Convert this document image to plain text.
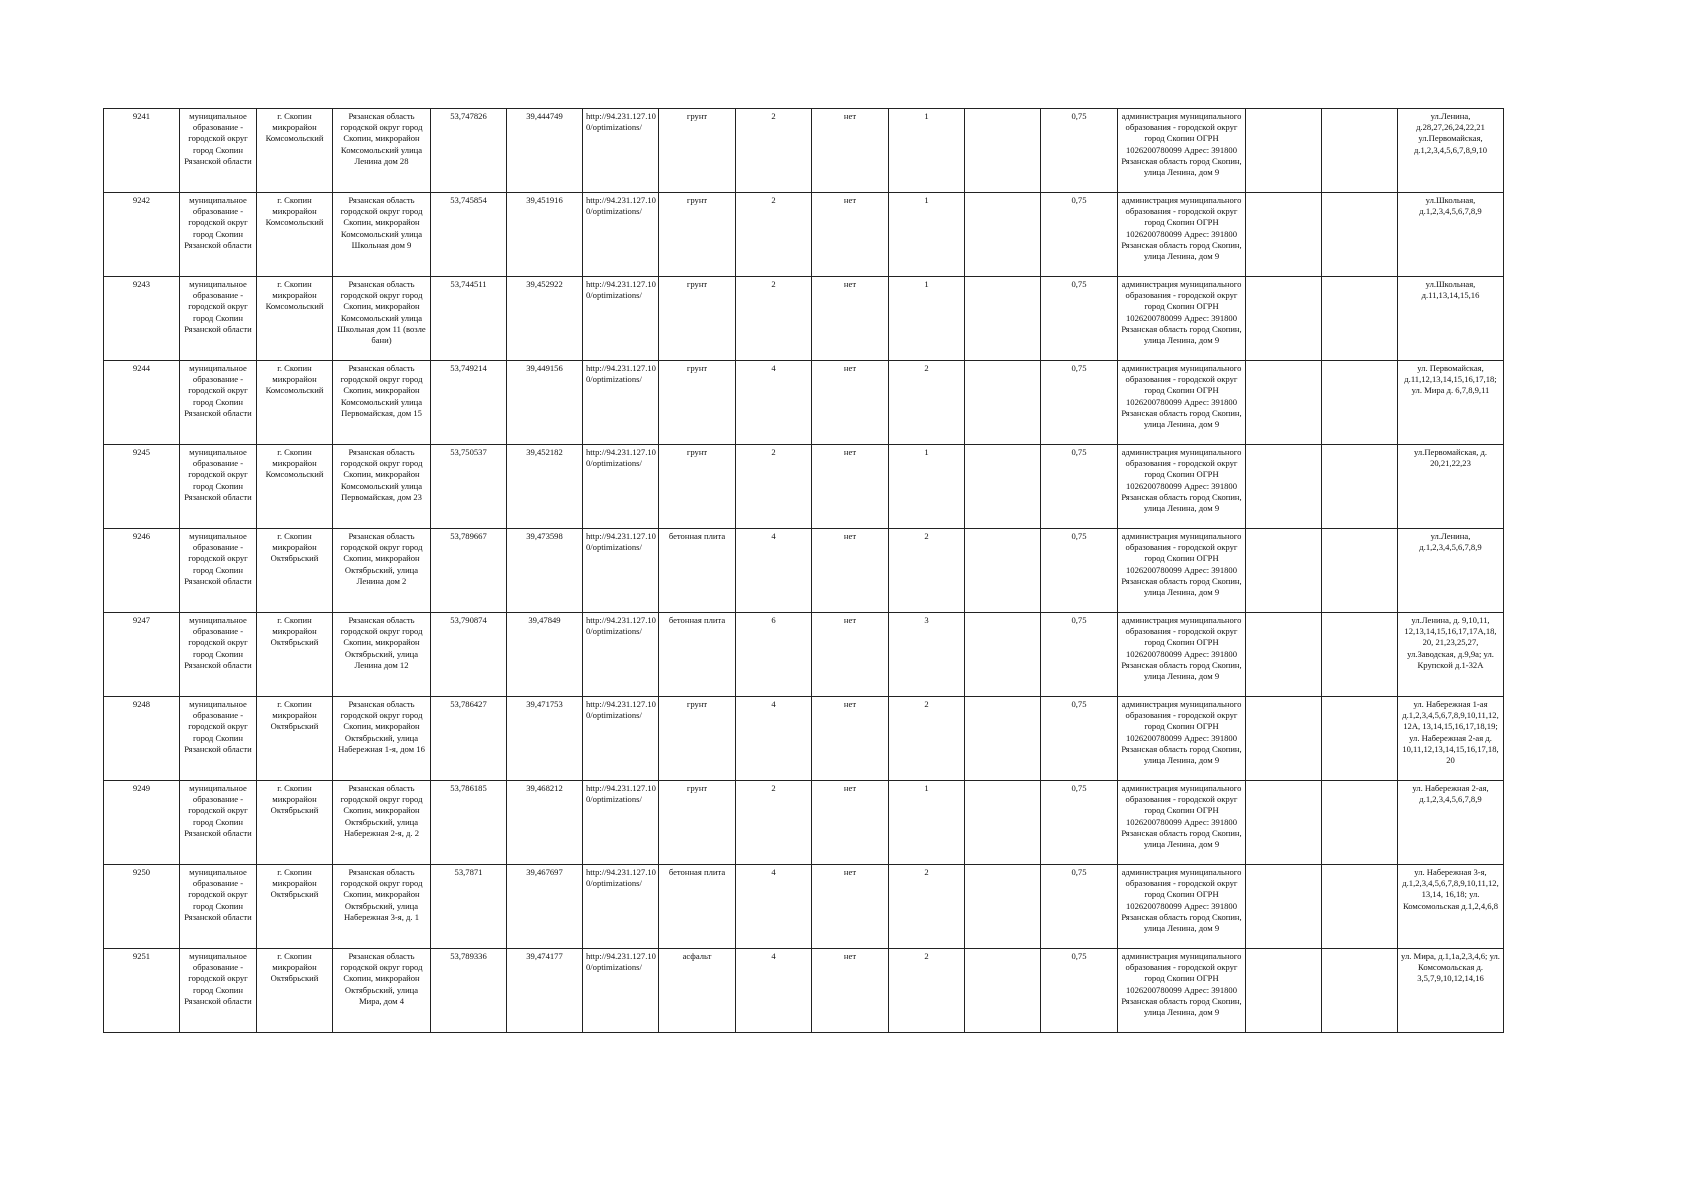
9241	муниципальное образование - городской округ город Скопин Рязанской области	г. Скопин микрорайон Комсомольский	Рязанская область городской округ город Скопин, микрорайон Комсомольский улица Ленина дом 28	53,747826	39,444749	http://94.231.127.100/optimizations/	грунт	2	нет	1		0,75	администрация муниципального образования - городской округ город Скопин ОГРН 1026200780099 Адрес: 391800 Рязанская область город Скопин, улица Ленина, дом 9			ул.Ленина, д.28,27,26,24,22,21 ул.Первомайская, д.1,2,3,4,5,6,7,8,9,10
9242	муниципальное образование - городской округ город Скопин Рязанской области	г. Скопин микрорайон Комсомольский	Рязанская область городской округ город Скопин, микрорайон Комсомольский улица Школьная дом 9	53,745854	39,451916	http://94.231.127.100/optimizations/	грунт	2	нет	1		0,75	администрация муниципального образования - городской округ город Скопин ОГРН 1026200780099 Адрес: 391800 Рязанская область город Скопин, улица Ленина, дом 9			ул.Школьная, д.1,2,3,4,5,6,7,8,9
9243	муниципальное образование - городской округ город Скопин Рязанской области	г. Скопин микрорайон Комсомольский	Рязанская область городской округ город Скопин, микрорайон Комсомольский улица Школьная дом 11 (возле бани)	53,744511	39,452922	http://94.231.127.100/optimizations/	грунт	2	нет	1		0,75	администрация муниципального образования - городской округ город Скопин ОГРН 1026200780099 Адрес: 391800 Рязанская область город Скопин, улица Ленина, дом 9			ул.Школьная, д.11,13,14,15,16
9244	муниципальное образование - городской округ город Скопин Рязанской области	г. Скопин микрорайон Комсомольский	Рязанская область городской округ город Скопин, микрорайон Комсомольский улица Первомайская, дом 15	53,749214	39,449156	http://94.231.127.100/optimizations/	грунт	4	нет	2		0,75	администрация муниципального образования - городской округ город Скопин ОГРН 1026200780099 Адрес: 391800 Рязанская область город Скопин, улица Ленина, дом 9			ул. Первомайская, д.11,12,13,14,15,16,17,18; ул. Мира д. 6,7,8,9,11
9245	муниципальное образование - городской округ город Скопин Рязанской области	г. Скопин микрорайон Комсомольский	Рязанская область городской округ город Скопин, микрорайон Комсомольский улица Первомайская, дом 23	53,750537	39,452182	http://94.231.127.100/optimizations/	грунт	2	нет	1		0,75	администрация муниципального образования - городской округ город Скопин ОГРН 1026200780099 Адрес: 391800 Рязанская область город Скопин, улица Ленина, дом 9			ул.Первомайская, д. 20,21,22,23
9246	муниципальное образование - городской округ город Скопин Рязанской области	г. Скопин микрорайон Октябрьский	Рязанская область городской округ город Скопин, микрорайон Октябрьский, улица Ленина дом 2	53,789667	39,473598	http://94.231.127.100/optimizations/	бетонная плита	4	нет	2		0,75	администрация муниципального образования - городской округ город Скопин ОГРН 1026200780099 Адрес: 391800 Рязанская область город Скопин, улица Ленина, дом 9			ул.Ленина, д.1,2,3,4,5,6,7,8,9
9247	муниципальное образование - городской округ город Скопин Рязанской области	г. Скопин микрорайон Октябрьский	Рязанская область городской округ город Скопин, микрорайон Октябрьский, улица Ленина дом 12	53,790874	39,47849	http://94.231.127.100/optimizations/	бетонная плита	6	нет	3		0,75	администрация муниципального образования - городской округ город Скопин ОГРН 1026200780099 Адрес: 391800 Рязанская область город Скопин, улица Ленина, дом 9			ул.Ленина, д. 9,10,11, 12,13,14,15,16,17,17А,18, 20, 21,23,25,27, ул.Заводская, д.9,9а; ул. Крупской д.1-32А
9248	муниципальное образование - городской округ город Скопин Рязанской области	г. Скопин микрорайон Октябрьский	Рязанская область городской округ город Скопин, микрорайон Октябрьский, улица Набережная 1-я, дом 16	53,786427	39,471753	http://94.231.127.100/optimizations/	грунт	4	нет	2		0,75	администрация муниципального образования - городской округ город Скопин ОГРН 1026200780099 Адрес: 391800 Рязанская область город Скопин, улица Ленина, дом 9			ул. Набережная 1-ая д.1,2,3,4,5,6,7,8,9,10,11,12, 12А, 13,14,15,16,17,18,19; ул. Набережная 2-ая д. 10,11,12,13,14,15,16,17,18, 20
9249	муниципальное образование - городской округ город Скопин Рязанской области	г. Скопин микрорайон Октябрьский	Рязанская область городской округ город Скопин, микрорайон Октябрьский, улица Набережная 2-я, д. 2	53,786185	39,468212	http://94.231.127.100/optimizations/	грунт	2	нет	1		0,75	администрация муниципального образования - городской округ город Скопин ОГРН 1026200780099 Адрес: 391800 Рязанская область город Скопин, улица Ленина, дом 9			ул. Набережная 2-ая, д.1,2,3,4,5,6,7,8,9
9250	муниципальное образование - городской округ город Скопин Рязанской области	г. Скопин микрорайон Октябрьский	Рязанская область городской округ город Скопин, микрорайон Октябрьский, улица Набережная 3-я, д. 1	53,7871	39,467697	http://94.231.127.100/optimizations/	бетонная плита	4	нет	2		0,75	администрация муниципального образования - городской округ город Скопин ОГРН 1026200780099 Адрес: 391800 Рязанская область город Скопин, улица Ленина, дом 9			ул. Набережная 3-я, д.1,2,3,4,5,6,7,8,9,10,11,12, 13,14, 16,18; ул. Комсомольская д.1,2,4,6,8
9251	муниципальное образование - городской округ город Скопин Рязанской области	г. Скопин микрорайон Октябрьский	Рязанская область городской округ город Скопин, микрорайон Октябрьский, улица Мира, дом 4	53,789336	39,474177	http://94.231.127.100/optimizations/	асфальт	4	нет	2		0,75	администрация муниципального образования - городской округ город Скопин ОГРН 1026200780099 Адрес: 391800 Рязанская область город Скопин, улица Ленина, дом 9			ул. Мира, д.1,1а,2,3,4,6; ул. Комсомольская д. 3,5,7,9,10,12,14,16
